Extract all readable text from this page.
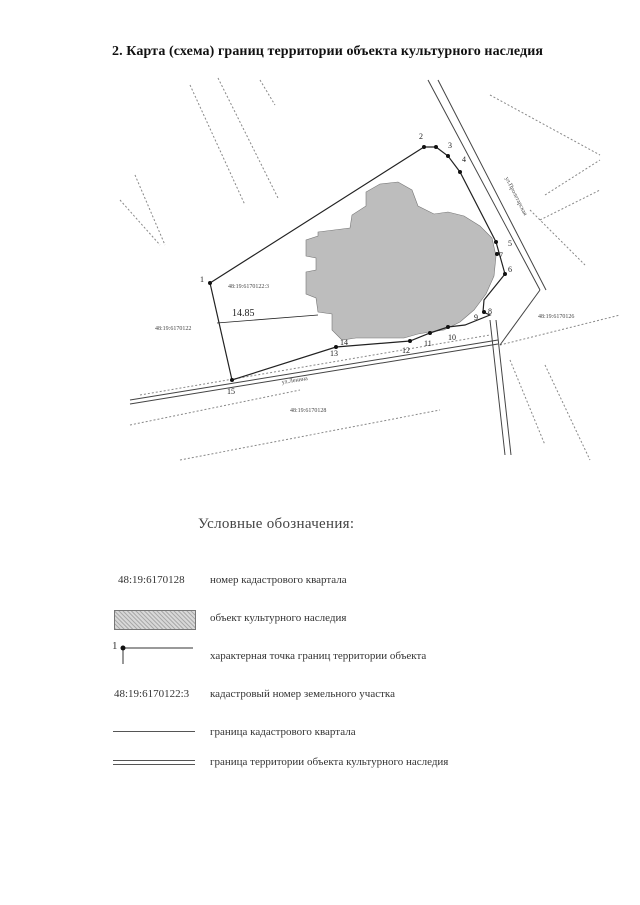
2. Карта (схема) границ территории объекта культурного наследия
1
2
3
4
5
6
7
8
9
10
11
12
13
14
15
14.85
ул.Ленина
ул.Пролетарская
48:19:6170122:3
48:19:6170122
48:19:6170126
48:19:6170128
Условные обозначения:
48:19:6170128 номер кадастрового квартала
объект культурного наследия
1
характерная точка границ территории объекта
48:19:6170122:3 кадастровый номер земельного участка
граница кадастрового квартала
граница территории объекта культурного наследия
